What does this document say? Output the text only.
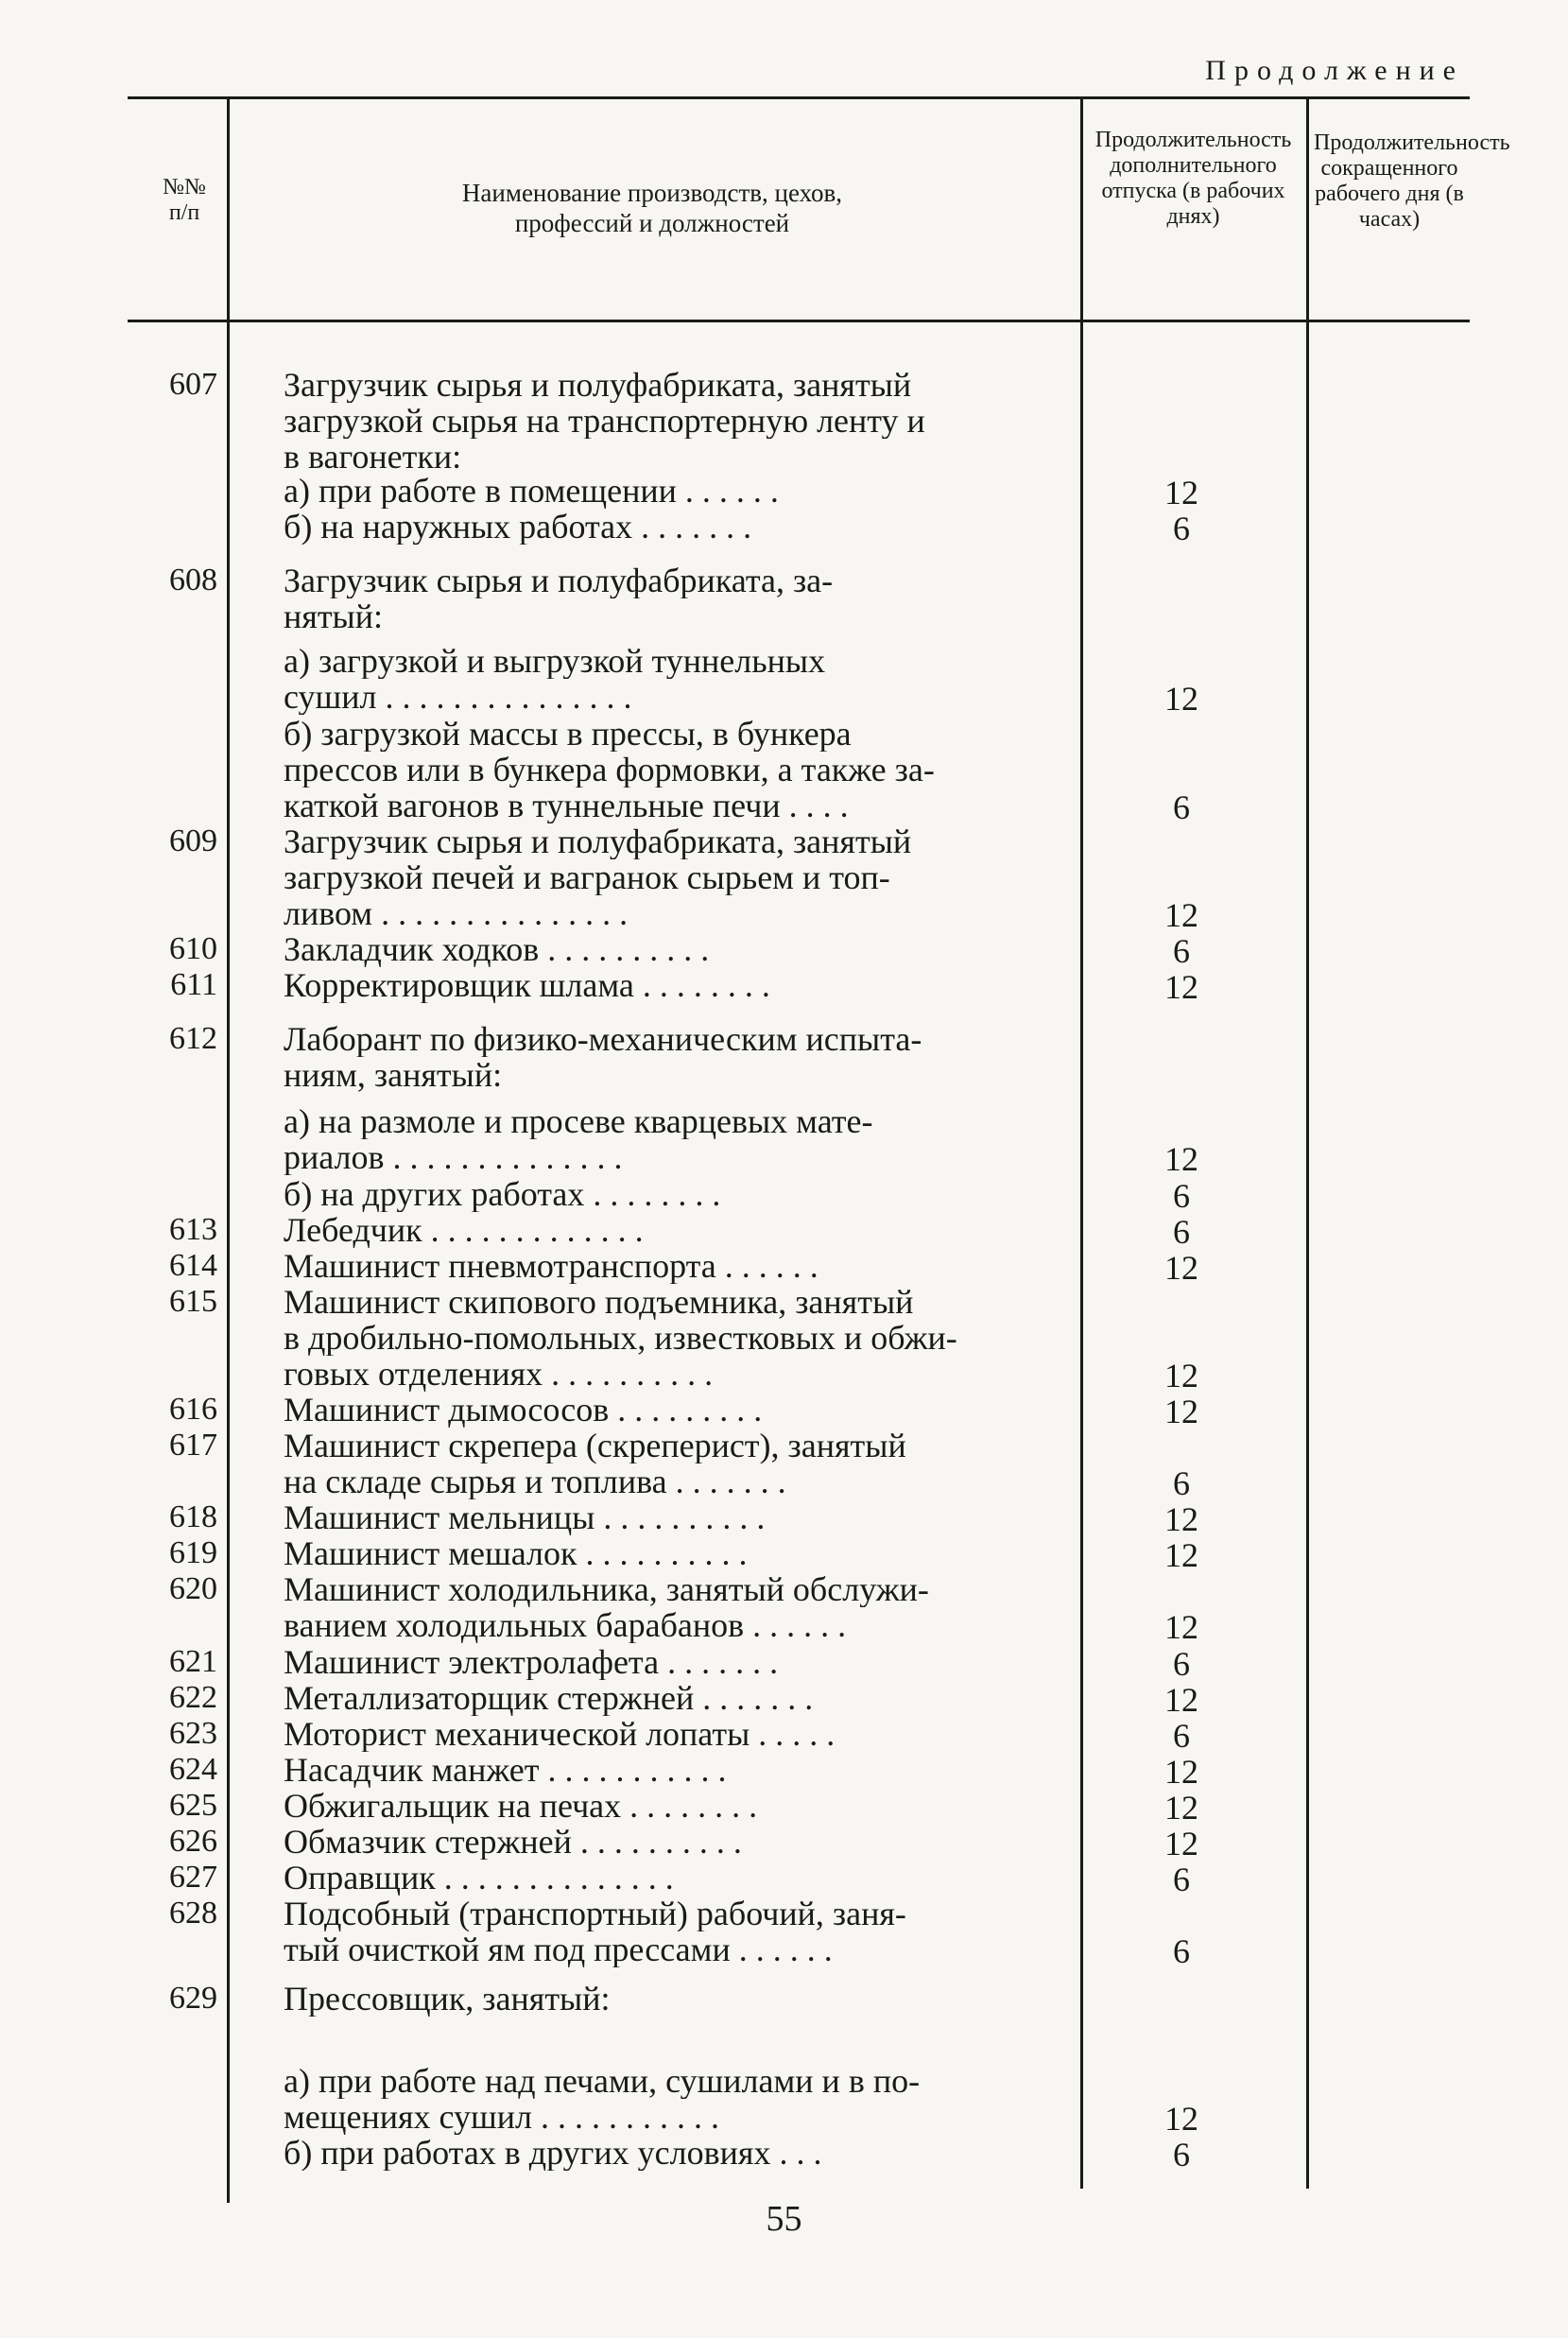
Продолжение
№№ п/п
Наименование производств, цехов, профессий и должностей
Продолжительность дополнительного отпуска (в рабочих днях)
Продолжительность сокращенного рабочего дня (в часах)
607 Загрузчик сырья и полуфабриката, занятый
загрузкой сырья на транспортерную ленту и
в вагонетки:
а) при работе в помещении . . . . . .	12
б) на наружных работах . . . . . . .	6
608 Загрузчик сырья и полуфабриката, за-
нятый:
а) загрузкой и выгрузкой туннельных
сушил . . . . . . . . . . . . . . .	12
б) загрузкой массы в прессы, в бункера
прессов или в бункера формовки, а также за-
каткой вагонов в туннельные печи . . . .	6
609 Загрузчик сырья и полуфабриката, занятый
загрузкой печей и вагранок сырьем и топ-
ливом . . . . . . . . . . . . . . .	12
610 Закладчик ходков . . . . . . . . . .	6
611 Корректировщик шлама . . . . . . . .	12
612 Лаборант по физико-механическим испыта-
ниям, занятый:
а) на размоле и просеве кварцевых мате-
риалов . . . . . . . . . . . . . .	12
б) на других работах . . . . . . . .	6
613 Лебедчик . . . . . . . . . . . . .	6
614 Машинист пневмотранспорта . . . . . .	12
615 Машинист скипового подъемника, занятый
в дробильно-помольных, известковых и обжи-
говых отделениях . . . . . . . . . .	12
616 Машинист дымососов . . . . . . . . .	12
617 Машинист скрепера (скреперист), занятый
на складе сырья и топлива . . . . . . .	6
618 Машинист мельницы . . . . . . . . . .	12
619 Машинист мешалок . . . . . . . . . .	12
620 Машинист холодильника, занятый обслужи-
ванием холодильных барабанов . . . . . .	12
621 Машинист электролафета . . . . . . .	6
622 Металлизаторщик стержней . . . . . . .	12
623 Моторист механической лопаты . . . . .	6
624 Насадчик манжет . . . . . . . . . . .	12
625 Обжигальщик на печах . . . . . . . .	12
626 Обмазчик стержней . . . . . . . . . .	12
627 Оправщик . . . . . . . . . . . . . .	6
628 Подсобный (транспортный) рабочий, заня-
тый очисткой ям под прессами . . . . . .	6
629 Прессовщик, занятый:
а) при работе над печами, сушилами и в по-
мещениях сушил . . . . . . . . . . .	12
б) при работах в других условиях . . .	6
55
